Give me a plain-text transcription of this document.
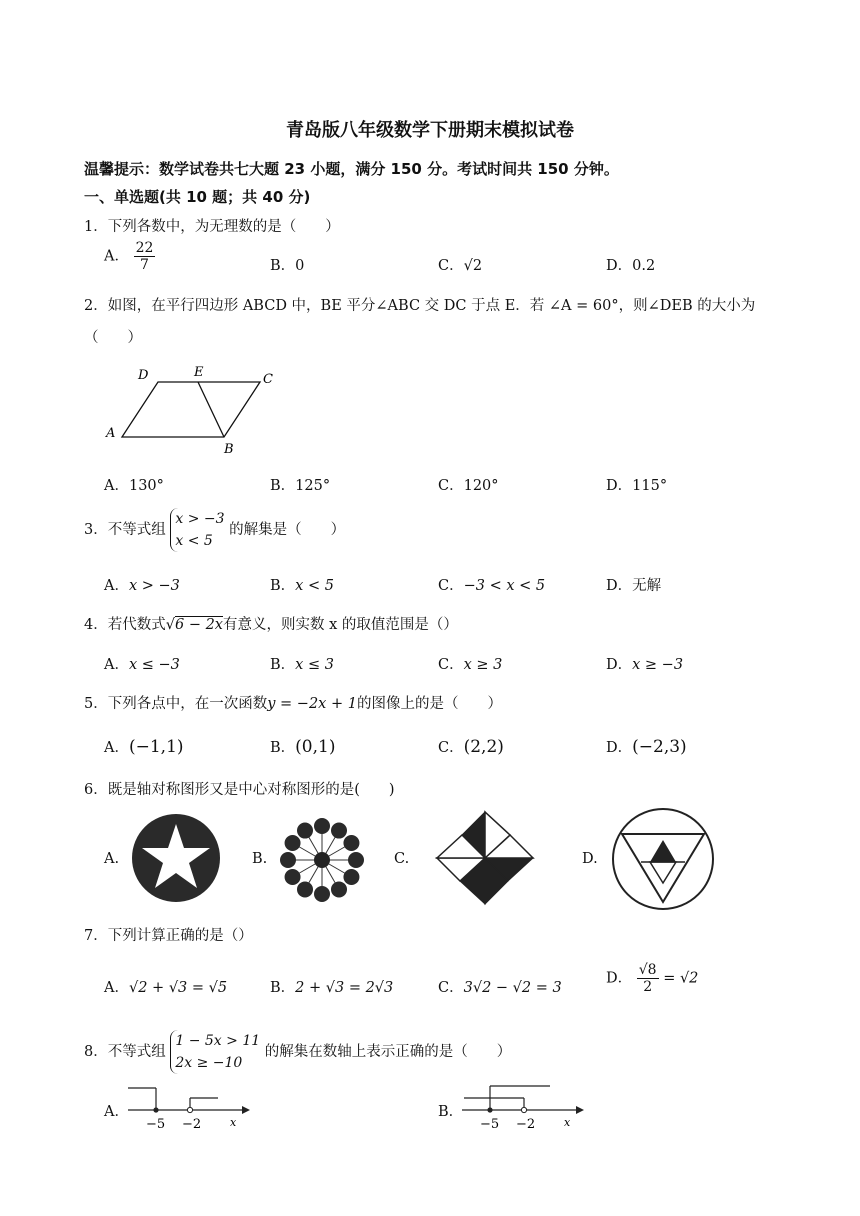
青岛版八年级数学下册期末模拟试卷
温馨提示：数学试卷共七大题 23 小题，满分 150 分。考试时间共 150 分钟。
一、单选题(共 10 题；共 40 分)
1．下列各数中，为无理数的是（　　）
A． $\frac{22}{7}$	B．0	C．√2	D．0.2
2．如图，在平行四边形 ABCD 中，BE 平分∠ABC 交 DC 于点 E．若 ∠A = 60°，则∠DEB 的大小为
（　　）
D	E	C
A
B
A．130°	B．125°	C．120°	D．115°
3．不等式组
x > −3
x < 5
的解集是（　　）
A．x > −3	B．x < 5	C．−3 < x < 5	D．无解
4．若代数式√6 − 2x有意义，则实数 x 的取值范围是（）
A．x ≤ −3	B．x ≤ 3	C．x ≥ 3	D．x ≥ −3
5．下列各点中，在一次函数y = −2x + 1的图像上的是（　　）
A．(−1,1)	B．(0,1)	C．(2,2)	D．(−2,3)
6．既是轴对称图形又是中心对称图形的是(　　)
A.	B.	C.	D.
7．下列计算正确的是（）
A．√2 + √3 = √5	B．2 + √3 = 2√3	C．3√2 − √2 = 3
D． $\frac{√8}{2} = √2$
8．不等式组
1 − 5x > 11
2x ≥ −10
的解集在数轴上表示正确的是（　　）
A．
−5 −2	x
B．
−5 −2	x
